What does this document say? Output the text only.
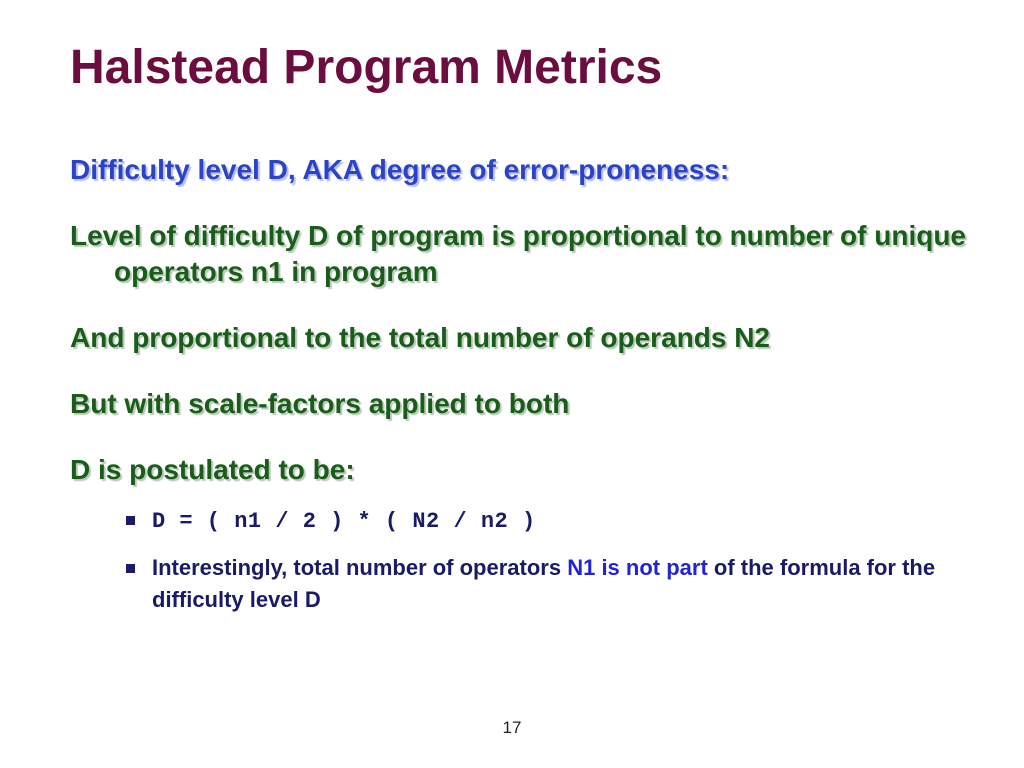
Halstead Program Metrics

Difficulty level D, AKA degree of error-proneness:

Level of difficulty D of program is proportional to number of unique operators n1 in program

And proportional to the total number of operands N2

But with scale-factors applied to both

D is postulated to be:

D = ( n1 / 2 ) * ( N2 / n2 )
Interestingly, total number of operators N1 is not part of the formula for the difficulty level D
17
